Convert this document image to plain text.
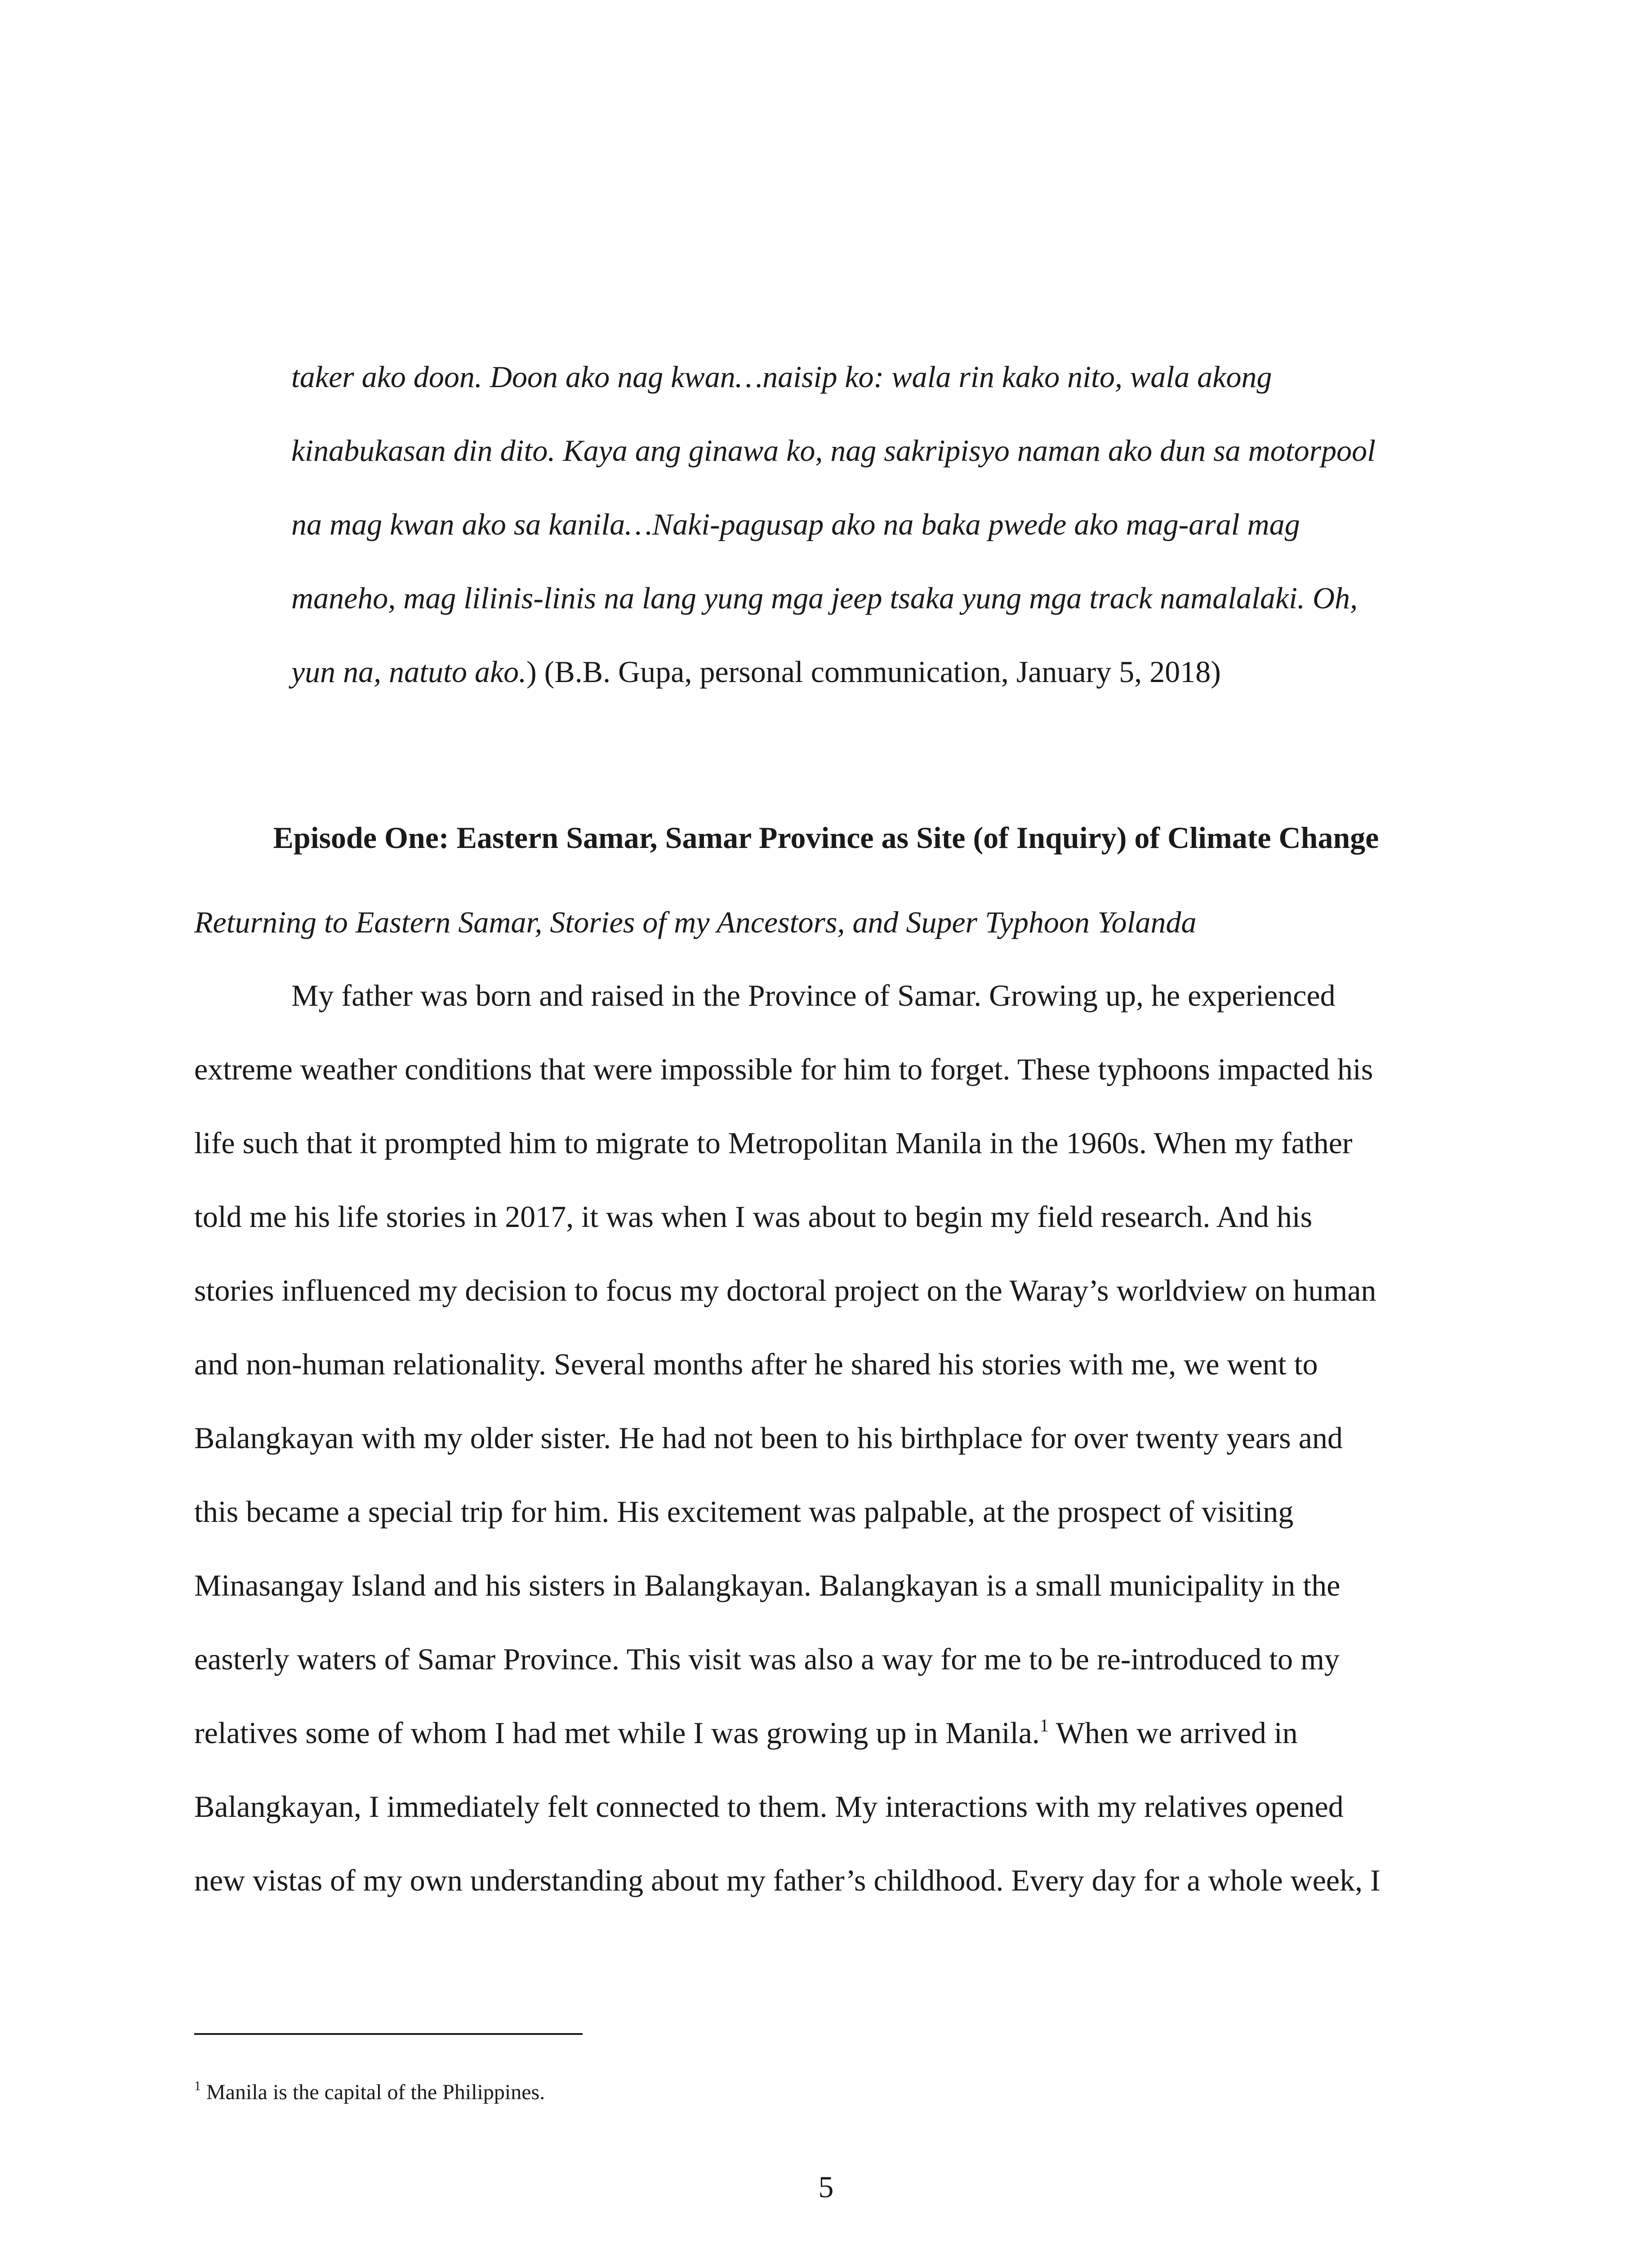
taker ako doon. Doon ako nag kwan…naisip ko: wala rin kako nito, wala akong
kinabukasan din dito. Kaya ang ginawa ko, nag sakripisyo naman ako dun sa motorpool
na mag kwan ako sa kanila…Naki-pagusap ako na baka pwede ako mag-aral mag
maneho, mag lilinis-linis na lang yung mga jeep tsaka yung mga track namalalaki. Oh,
yun na, natuto ako.) (B.B. Gupa, personal communication, January 5, 2018)
Episode One: Eastern Samar, Samar Province as Site (of Inquiry) of Climate Change
Returning to Eastern Samar, Stories of my Ancestors, and Super Typhoon Yolanda
My father was born and raised in the Province of Samar. Growing up, he experienced
extreme weather conditions that were impossible for him to forget. These typhoons impacted his
life such that it prompted him to migrate to Metropolitan Manila in the 1960s. When my father
told me his life stories in 2017, it was when I was about to begin my field research. And his
stories influenced my decision to focus my doctoral project on the Waray’s worldview on human
and non-human relationality. Several months after he shared his stories with me, we went to
Balangkayan with my older sister. He had not been to his birthplace for over twenty years and
this became a special trip for him. His excitement was palpable, at the prospect of visiting
Minasangay Island and his sisters in Balangkayan. Balangkayan is a small municipality in the
easterly waters of Samar Province. This visit was also a way for me to be re-introduced to my
relatives some of whom I had met while I was growing up in Manila.$^1$ When we arrived in
Balangkayan, I immediately felt connected to them. My interactions with my relatives opened
new vistas of my own understanding about my father’s childhood. Every day for a whole week, I
$^1$ Manila is the capital of the Philippines.
5
